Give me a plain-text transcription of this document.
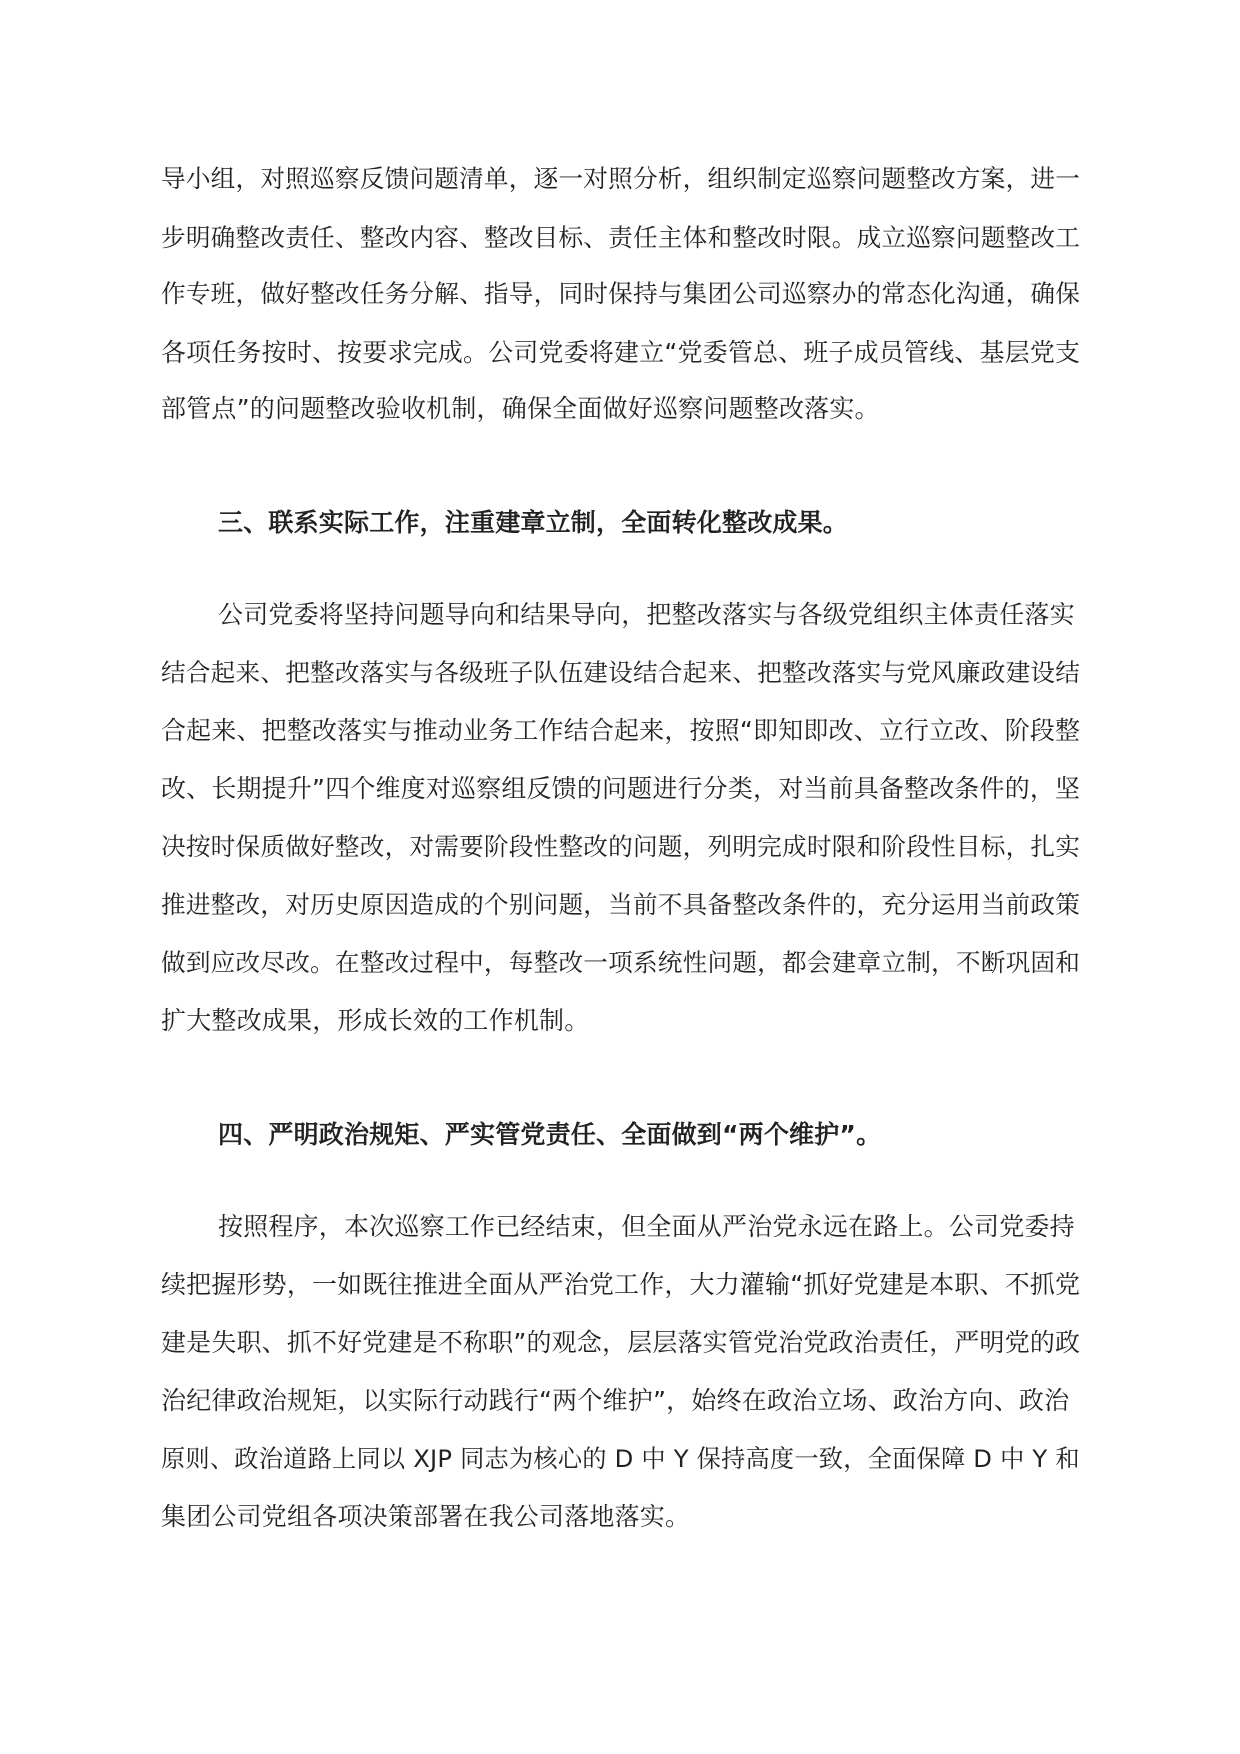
导小组，对照巡察反馈问题清单，逐一对照分析，组织制定巡察问题整改方案，进一
步明确整改责任、整改内容、整改目标、责任主体和整改时限。成立巡察问题整改工
作专班，做好整改任务分解、指导，同时保持与集团公司巡察办的常态化沟通，确保
各项任务按时、按要求完成。公司党委将建立“党委管总、班子成员管线、基层党支
部管点”的问题整改验收机制，确保全面做好巡察问题整改落实。
三、联系实际工作，注重建章立制，全面转化整改成果。
公司党委将坚持问题导向和结果导向，把整改落实与各级党组织主体责任落实
结合起来、把整改落实与各级班子队伍建设结合起来、把整改落实与党风廉政建设结
合起来、把整改落实与推动业务工作结合起来，按照“即知即改、立行立改、阶段整
改、长期提升”四个维度对巡察组反馈的问题进行分类，对当前具备整改条件的，坚
决按时保质做好整改，对需要阶段性整改的问题，列明完成时限和阶段性目标，扎实
推进整改，对历史原因造成的个别问题，当前不具备整改条件的，充分运用当前政策
做到应改尽改。在整改过程中，每整改一项系统性问题，都会建章立制，不断巩固和
扩大整改成果，形成长效的工作机制。
四、严明政治规矩、严实管党责任、全面做到“两个维护”。
按照程序，本次巡察工作已经结束，但全面从严治党永远在路上。公司党委持
续把握形势，一如既往推进全面从严治党工作，大力灌输“抓好党建是本职、不抓党
建是失职、抓不好党建是不称职”的观念，层层落实管党治党政治责任，严明党的政
治纪律政治规矩，以实际行动践行“两个维护”，始终在政治立场、政治方向、政治
原则、政治道路上同以 XJP 同志为核心的 D 中 Y 保持高度一致，全面保障 D 中 Y 和
集团公司党组各项决策部署在我公司落地落实。
